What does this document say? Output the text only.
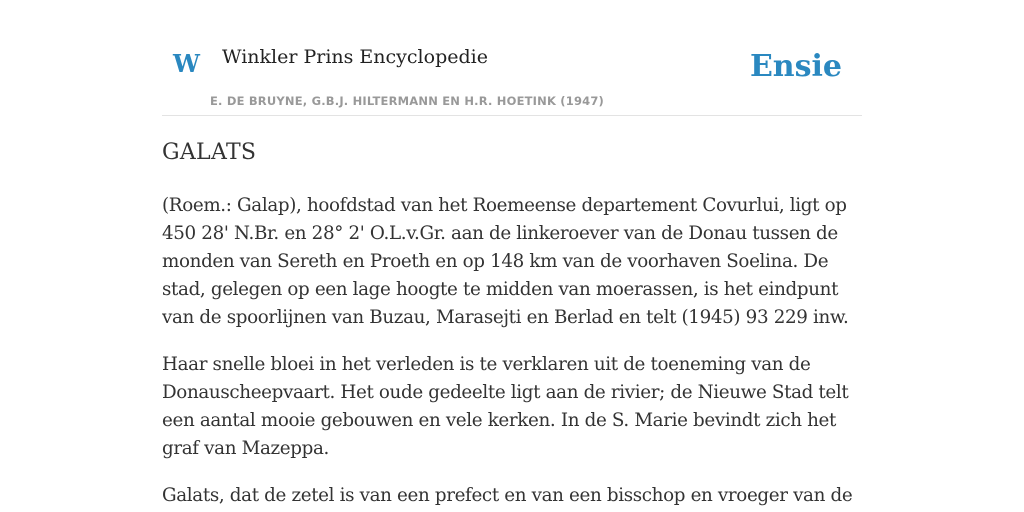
W Winkler Prins Encyclopedie
E. DE BRUYNE, G.B.J. HILTERMANN EN H.R. HOETINK (1947)
Ensie
GALATS

(Roem.: Galap), hoofdstad van het Roemeense departement Covurlui, ligt op 450 28' N.Br. en 28° 2' O.L.v.Gr. aan de linkeroever van de Donau tussen de monden van Sereth en Proeth en op 148 km van de voorhaven Soelina. De stad, gelegen op een lage hoogte te midden van moerassen, is het eindpunt van de spoorlijnen van Buzau, Marasejti en Berlad en telt (1945) 93 229 inw.

Haar snelle bloei in het verleden is te verklaren uit de toeneming van de Donauscheepvaart. Het oude gedeelte ligt aan de rivier; de Nieuwe Stad telt een aantal mooie gebouwen en vele kerken. In de S. Marie bevindt zich het graf van Mazeppa.

Galats, dat de zetel is van een prefect en van een bisschop en vroeger van de
